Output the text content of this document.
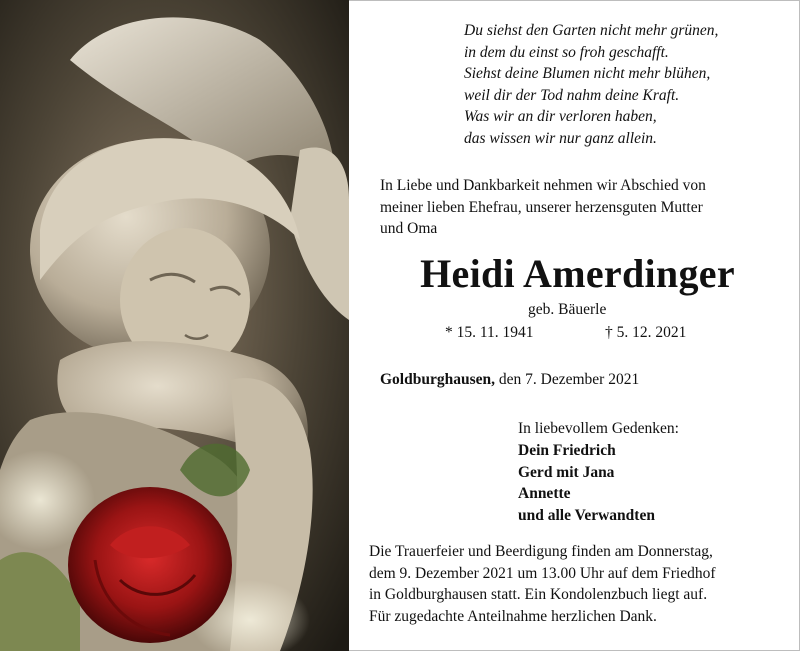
Du siehst den Garten nicht mehr grünen,
in dem du einst so froh geschafft.
Siehst deine Blumen nicht mehr blühen,
weil dir der Tod nahm deine Kraft.
Was wir an dir verloren haben,
das wissen wir nur ganz allein.
In Liebe und Dankbarkeit nehmen wir Abschied von
meiner lieben Ehefrau, unserer herzensguten Mutter
und Oma
Heidi Amerdinger
geb. Bäuerle
* 15. 11. 1941	† 5. 12. 2021
Goldburghausen, den 7. Dezember 2021
In liebevollem Gedenken:
Dein Friedrich
Gerd mit Jana
Annette
und alle Verwandten
Die Trauerfeier und Beerdigung finden am Donnerstag,
dem 9. Dezember 2021 um 13.00 Uhr auf dem Friedhof
in Goldburghausen statt. Ein Kondolenzbuch liegt auf.
Für zugedachte Anteilnahme herzlichen Dank.
